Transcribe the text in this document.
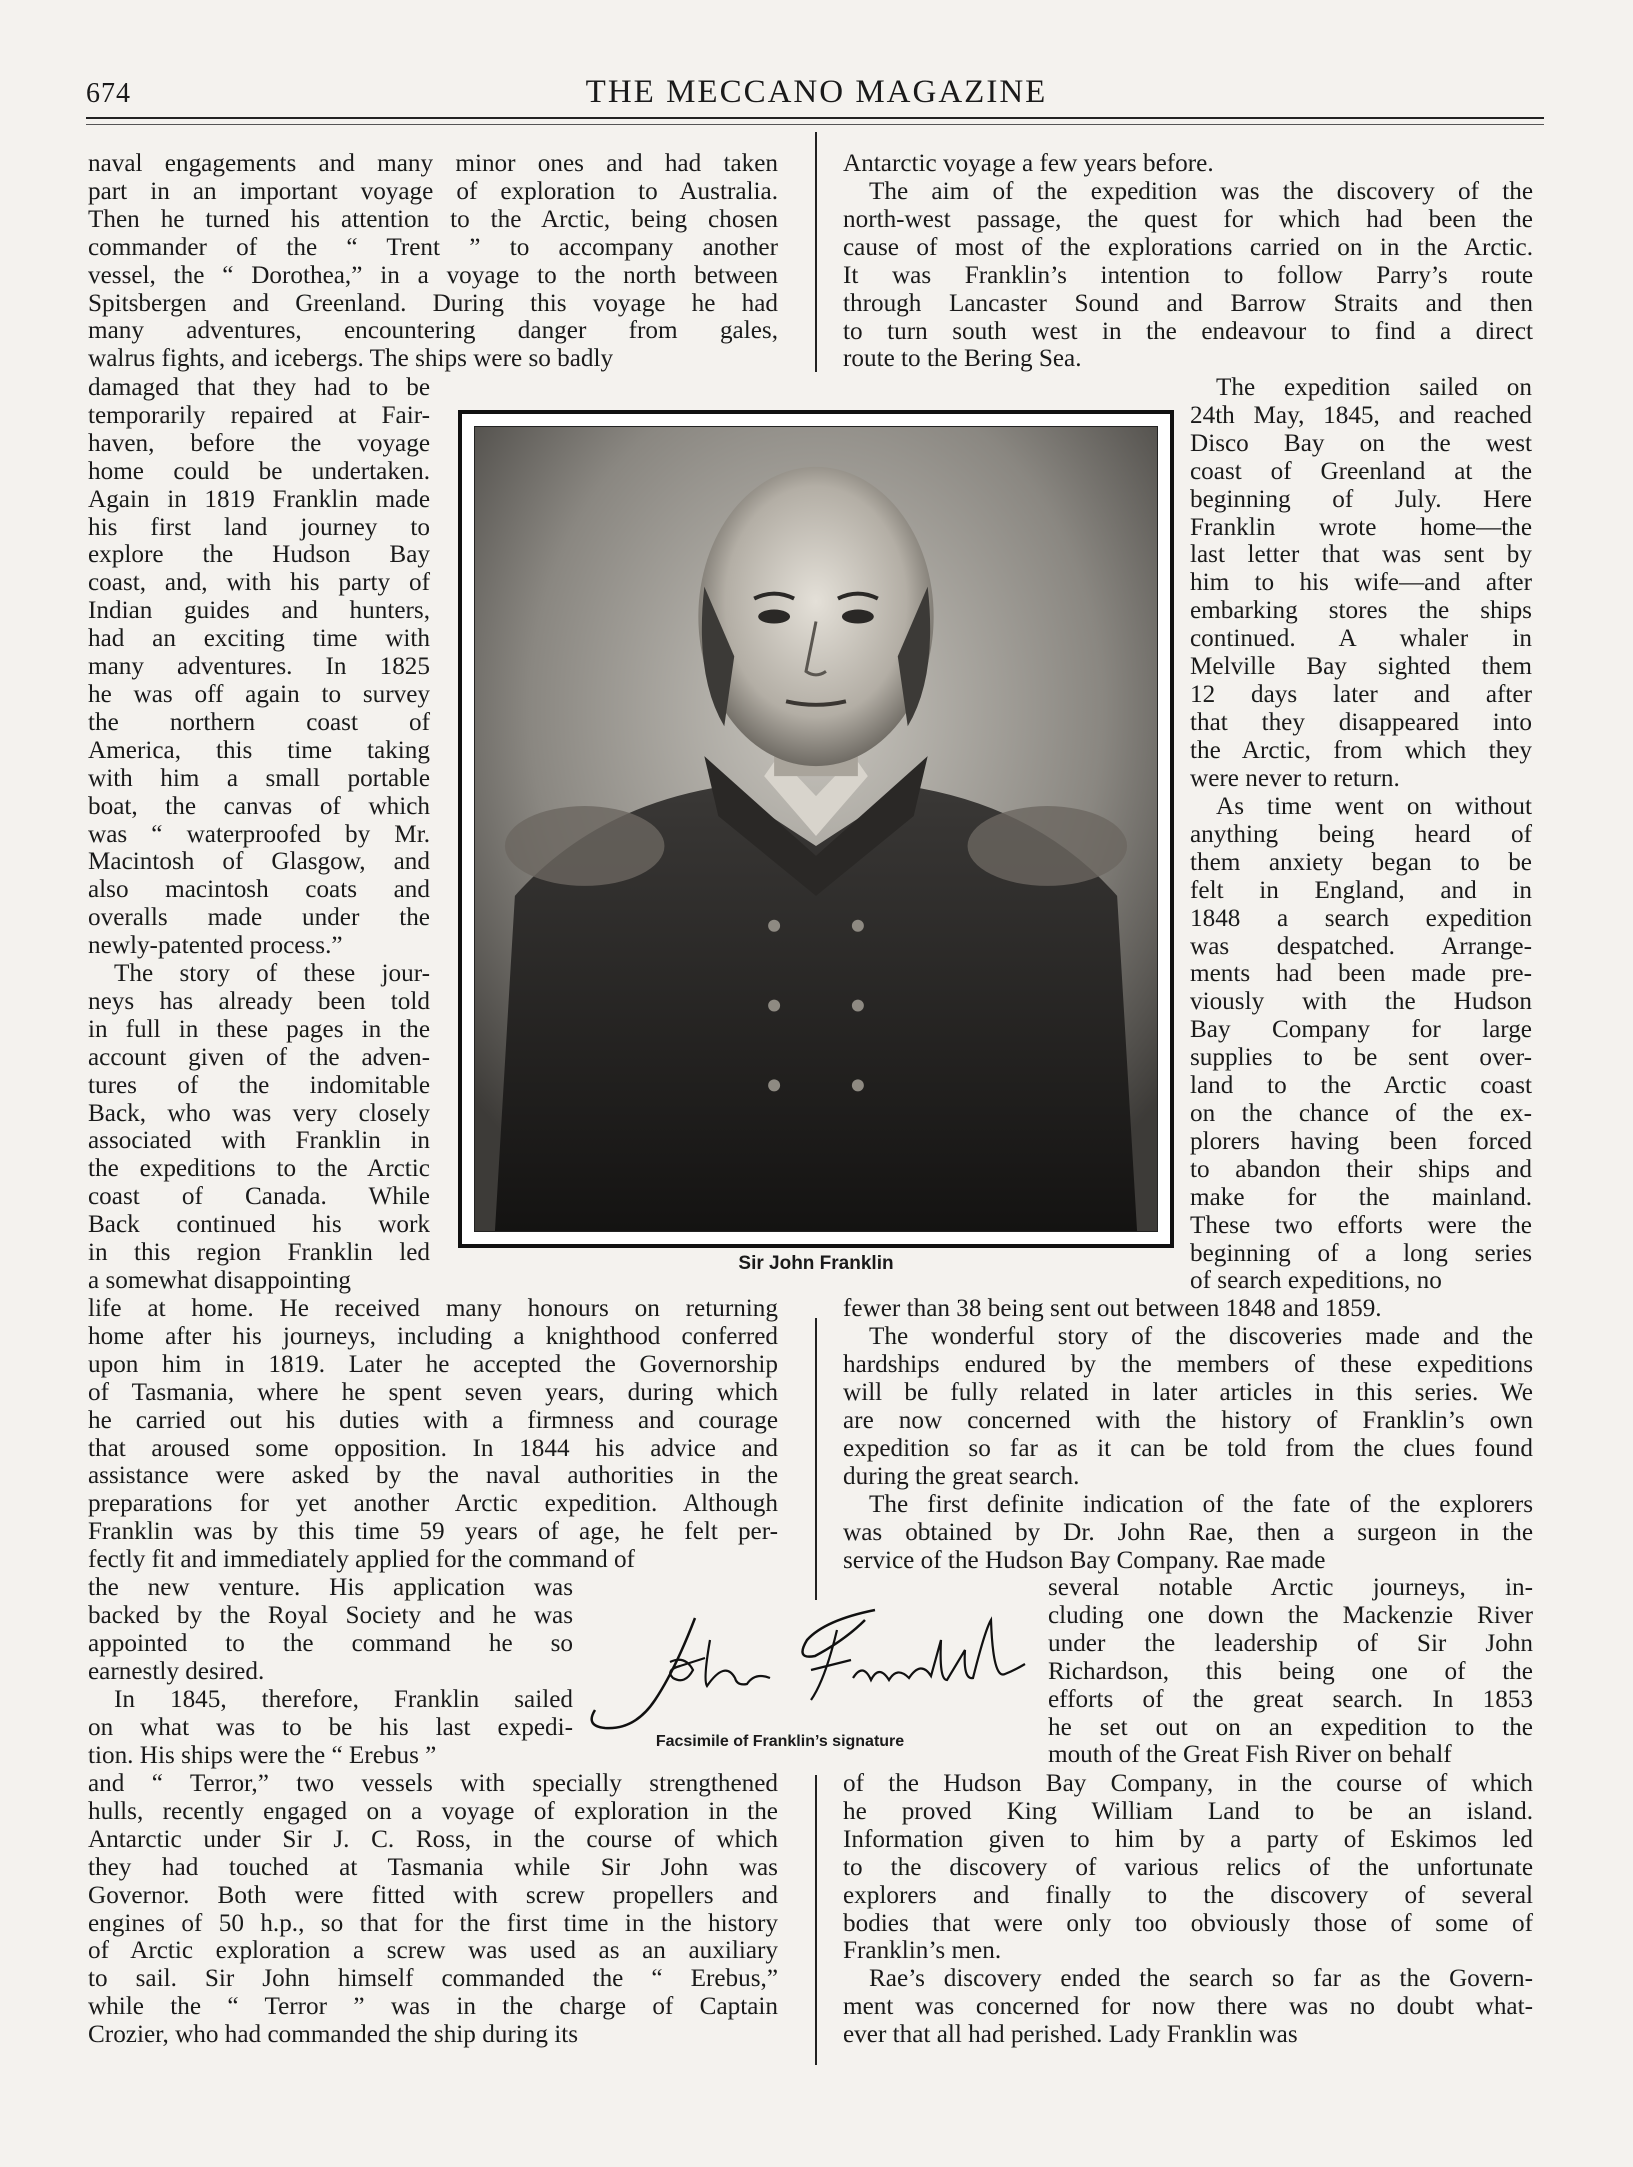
674	THE MECCANO MAGAZINE
naval engagements and many minor ones and had taken
part in an important voyage of exploration to Australia.
Then he turned his attention to the Arctic, being chosen
commander of the “ Trent ” to accompany another
vessel, the “ Dorothea,” in a voyage to the north between
Spitsbergen and Greenland. During this voyage he had
many adventures, encountering danger from gales,
walrus fights, and icebergs. The ships were so badly
damaged that they had to be
temporarily repaired at Fair-
haven, before the voyage
home could be undertaken.
Again in 1819 Franklin made
his first land journey to
explore the Hudson Bay
coast, and, with his party of
Indian guides and hunters,
had an exciting time with
many adventures. In 1825
he was off again to survey
the northern coast of
America, this time taking
with him a small portable
boat, the canvas of which
was “ waterproofed by Mr.
Macintosh of Glasgow, and
also macintosh coats and
overalls made under the
newly-patented process.”
The story of these jour-
neys has already been told
in full in these pages in the
account given of the adven-
tures of the indomitable
Back, who was very closely
associated with Franklin in
the expeditions to the Arctic
coast of Canada. While
Back continued his work
in this region Franklin led
a somewhat disappointing
life at home. He received many honours on returning
home after his journeys, including a knighthood conferred
upon him in 1819. Later he accepted the Governorship
of Tasmania, where he spent seven years, during which
he carried out his duties with a firmness and courage
that aroused some opposition. In 1844 his advice and
assistance were asked by the naval authorities in the
preparations for yet another Arctic expedition. Although
Franklin was by this time 59 years of age, he felt per-
fectly fit and immediately applied for the command of
the new venture. His application was
backed by the Royal Society and he was
appointed to the command he so
earnestly desired.
In 1845, therefore, Franklin sailed
on what was to be his last expedi-
tion. His ships were the “ Erebus ”
and “ Terror,” two vessels with specially strengthened
hulls, recently engaged on a voyage of exploration in the
Antarctic under Sir J. C. Ross, in the course of which
they had touched at Tasmania while Sir John was
Governor. Both were fitted with screw propellers and
engines of 50 h.p., so that for the first time in the history
of Arctic exploration a screw was used as an auxiliary
to sail. Sir John himself commanded the “ Erebus,”
while the “ Terror ” was in the charge of Captain
Crozier, who had commanded the ship during its
Antarctic voyage a few years before.
The aim of the expedition was the discovery of the
north-west passage, the quest for which had been the
cause of most of the explorations carried on in the Arctic.
It was Franklin’s intention to follow Parry’s route
through Lancaster Sound and Barrow Straits and then
to turn south west in the endeavour to find a direct
route to the Bering Sea.
The expedition sailed on
24th May, 1845, and reached
Disco Bay on the west
coast of Greenland at the
beginning of July. Here
Franklin wrote home—the
last letter that was sent by
him to his wife—and after
embarking stores the ships
continued. A whaler in
Melville Bay sighted them
12 days later and after
that they disappeared into
the Arctic, from which they
were never to return.
As time went on without
anything being heard of
them anxiety began to be
felt in England, and in
1848 a search expedition
was despatched. Arrange-
ments had been made pre-
viously with the Hudson
Bay Company for large
supplies to be sent over-
land to the Arctic coast
on the chance of the ex-
plorers having been forced
to abandon their ships and
make for the mainland.
These two efforts were the
beginning of a long series
of search expeditions, no
fewer than 38 being sent out between 1848 and 1859.
The wonderful story of the discoveries made and the
hardships endured by the members of these expeditions
will be fully related in later articles in this series. We
are now concerned with the history of Franklin’s own
expedition so far as it can be told from the clues found
during the great search.
The first definite indication of the fate of the explorers
was obtained by Dr. John Rae, then a surgeon in the
service of the Hudson Bay Company. Rae made
several notable Arctic journeys, in-
cluding one down the Mackenzie River
under the leadership of Sir John
Richardson, this being one of the
efforts of the great search. In 1853
he set out on an expedition to the
mouth of the Great Fish River on behalf
of the Hudson Bay Company, in the course of which
he proved King William Land to be an island.
Information given to him by a party of Eskimos led
to the discovery of various relics of the unfortunate
explorers and finally to the discovery of several
bodies that were only too obviously those of some of
Franklin’s men.
Rae’s discovery ended the search so far as the Govern-
ment was concerned for now there was no doubt what-
ever that all had perished. Lady Franklin was
Sir John Franklin
Facsimile of Franklin’s signature
